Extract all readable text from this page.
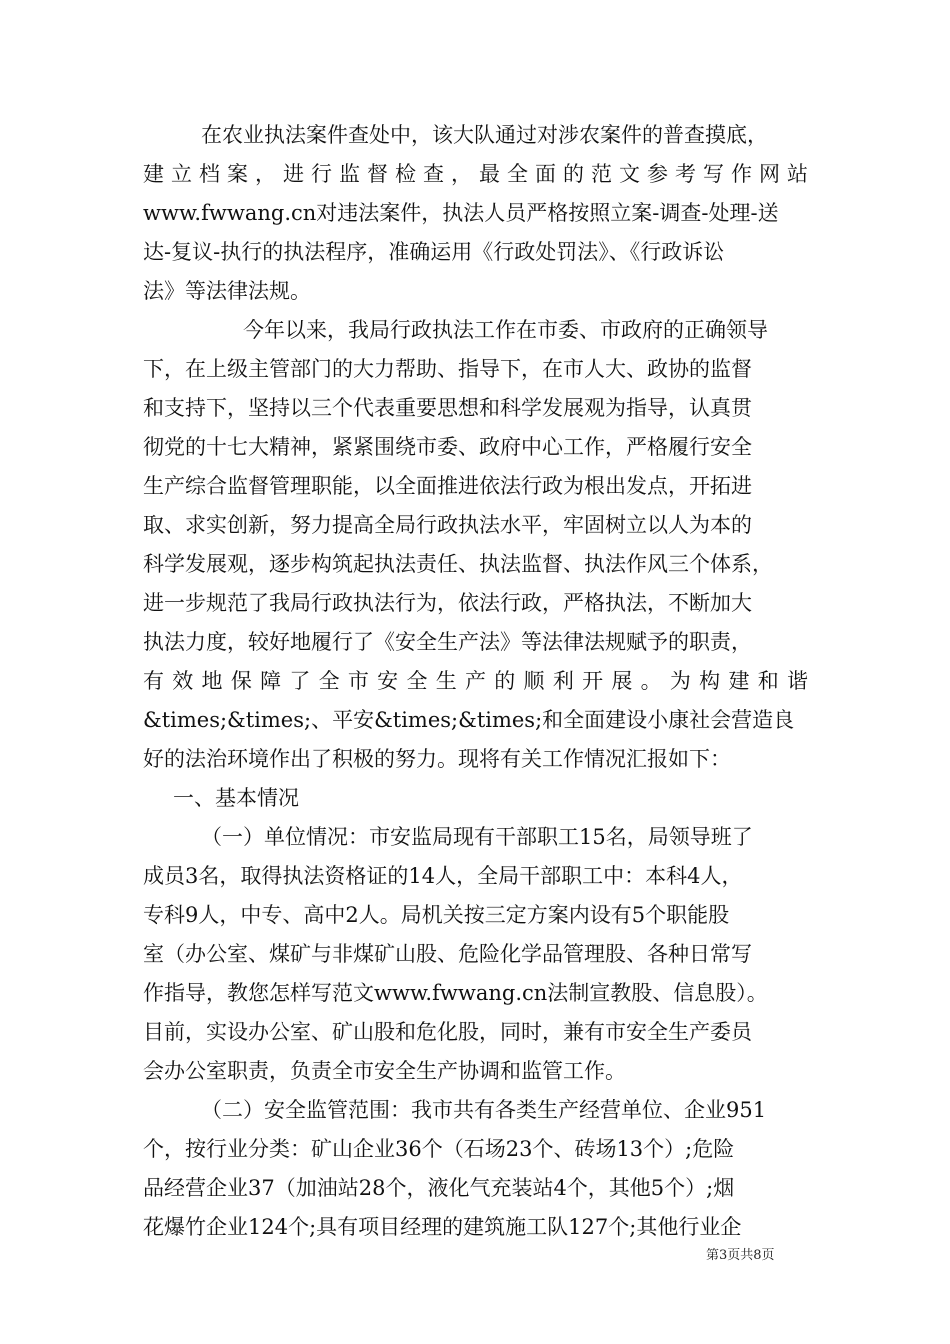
在农业执法案件查处中，该大队通过对涉农案件的普查摸底，
建立档案，进行监督检查，最全面的范文参考写作网站
www.fwwang.cn对违法案件，执法人员严格按照立案-调查-处理-送
达-复议-执行的执法程序，准确运用《行政处罚法》、《行政诉讼
法》等法律法规。
今年以来，我局行政执法工作在市委、市政府的正确领导
下，在上级主管部门的大力帮助、指导下，在市人大、政协的监督
和支持下，坚持以三个代表重要思想和科学发展观为指导，认真贯
彻党的十七大精神，紧紧围绕市委、政府中心工作，严格履行安全
生产综合监督管理职能，以全面推进依法行政为根出发点，开拓进
取、求实创新，努力提高全局行政执法水平，牢固树立以人为本的
科学发展观，逐步构筑起执法责任、执法监督、执法作风三个体系，
进一步规范了我局行政执法行为，依法行政，严格执法，不断加大
执法力度，较好地履行了《安全生产法》等法律法规赋予的职责，
有效地保障了全市安全生产的顺利开展。为构建和谐
&times;&times;、平安&times;&times;和全面建设小康社会营造良
好的法治环境作出了积极的努力。现将有关工作情况汇报如下：
一、基本情况
（一）单位情况：市安监局现有干部职工15名，局领导班了
成员3名，取得执法资格证的14人，全局干部职工中：本科4人，
专科9人，中专、高中2人。局机关按三定方案内设有5个职能股
室（办公室、煤矿与非煤矿山股、危险化学品管理股、各种日常写
作指导，教您怎样写范文www.fwwang.cn法制宣教股、信息股）。
目前，实设办公室、矿山股和危化股，同时，兼有市安全生产委员
会办公室职责，负责全市安全生产协调和监管工作。
（二）安全监管范围：我市共有各类生产经营单位、企业951
个，按行业分类：矿山企业36个（石场23个、砖场13个）;危险
品经营企业37（加油站28个，液化气充装站4个，其他5个）;烟
花爆竹企业124个;具有项目经理的建筑施工队127个;其他行业企
第3页共8页
